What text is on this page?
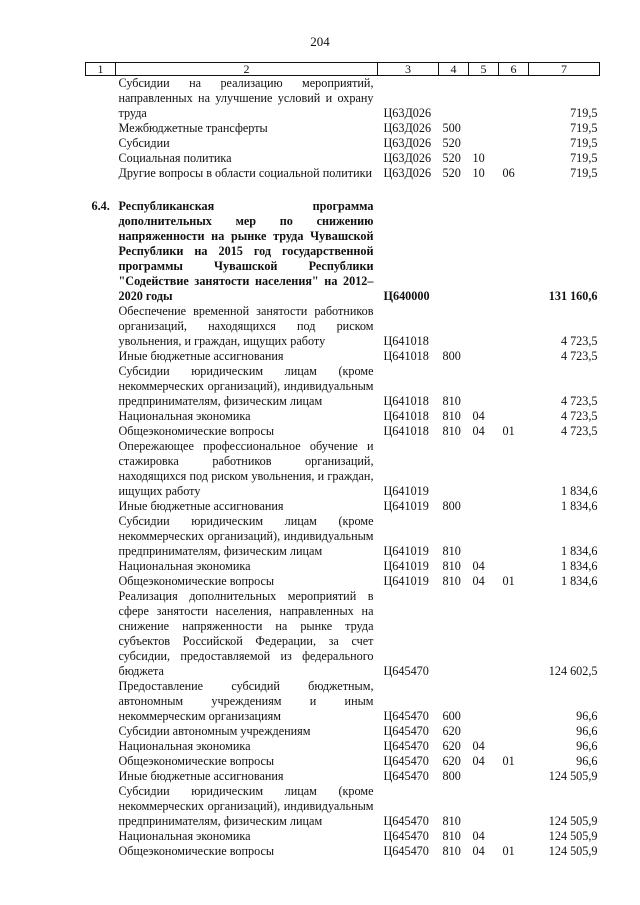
204
1	2	3	4	5	6	7
	Субсидии на реализацию мероприятий, направленных на улучшение условий и охрану труда	Ц63Д026				719,5
	Межбюджетные трансферты	Ц63Д026	500			719,5
	Субсидии	Ц63Д026	520			719,5
	Социальная политика	Ц63Д026	520	10		719,5
	Другие вопросы в области социальной политики	Ц63Д026	520	10	06	719,5

6.4.	Республиканская программа дополнительных мер по снижению напряженности на рынке труда Чувашской Республики на 2015 год государственной программы Чувашской Республики "Содействие занятости населения" на 2012–2020 годы	Ц640000				131 160,6
	Обеспечение временной занятости работников организаций, находящихся под риском увольнения, и граждан, ищущих работу	Ц641018				4 723,5
	Иные бюджетные ассигнования	Ц641018	800			4 723,5
	Субсидии юридическим лицам (кроме некоммерческих организаций), индивидуальным предпринимателям, физическим лицам	Ц641018	810			4 723,5
	Национальная экономика	Ц641018	810	04		4 723,5
	Общеэкономические вопросы	Ц641018	810	04	01	4 723,5
	Опережающее профессиональное обучение и стажировка работников организаций, находящихся под риском увольнения, и граждан, ищущих работу	Ц641019				1 834,6
	Иные бюджетные ассигнования	Ц641019	800			1 834,6
	Субсидии юридическим лицам (кроме некоммерческих организаций), индивидуальным предпринимателям, физическим лицам	Ц641019	810			1 834,6
	Национальная экономика	Ц641019	810	04		1 834,6
	Общеэкономические вопросы	Ц641019	810	04	01	1 834,6
	Реализация дополнительных мероприятий в сфере занятости населения, направленных на снижение напряженности на рынке труда субъектов Российской Федерации, за счет субсидии, предоставляемой из федерального бюджета	Ц645470				124 602,5
	Предоставление субсидий бюджетным, автономным учреждениям и иным некоммерческим организациям	Ц645470	600			96,6
	Субсидии автономным учреждениям	Ц645470	620			96,6
	Национальная экономика	Ц645470	620	04		96,6
	Общеэкономические вопросы	Ц645470	620	04	01	96,6
	Иные бюджетные ассигнования	Ц645470	800			124 505,9
	Субсидии юридическим лицам (кроме некоммерческих организаций), индивидуальным предпринимателям, физическим лицам	Ц645470	810			124 505,9
	Национальная экономика	Ц645470	810	04		124 505,9
	Общеэкономические вопросы	Ц645470	810	04	01	124 505,9
